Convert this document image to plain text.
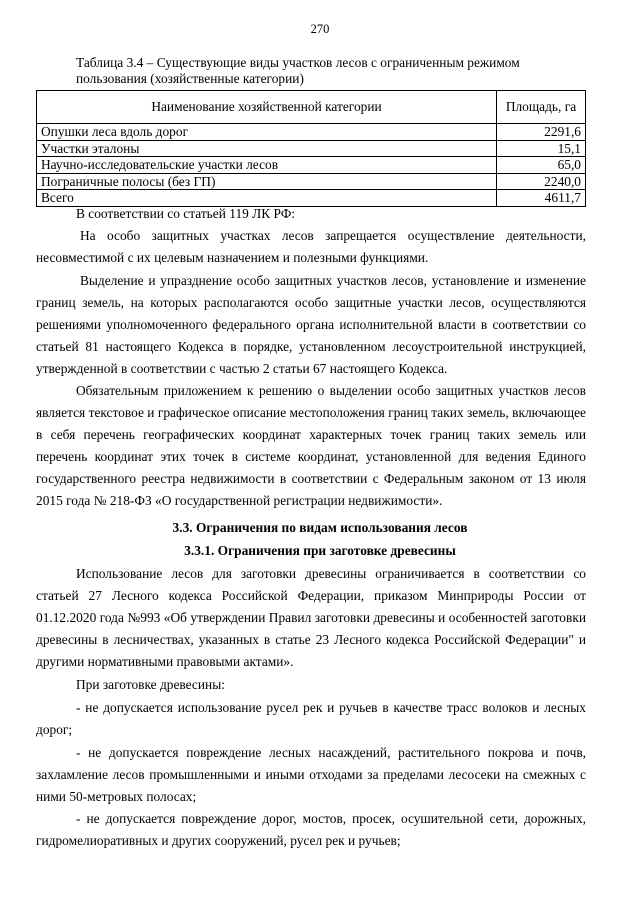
270
Таблица 3.4 – Существующие виды участков лесов с ограниченным режимом пользования (хозяйственные категории)
Наименование хозяйственной категории	Площадь, га
Опушки леса вдоль дорог	2291,6
Участки эталоны	15,1
Научно-исследовательские участки лесов	65,0
Пограничные полосы (без ГП)	2240,0
Всего	4611,7

В соответствии со статьей 119 ЛК РФ:

На особо защитных участках лесов запрещается осуществление деятельности, несовместимой с их целевым назначением и полезными функциями.

Выделение и упразднение особо защитных участков лесов, установление и изменение границ земель, на которых располагаются особо защитные участки лесов, осуществляются решениями уполномоченного федерального органа исполнительной власти в соответствии со статьей 81 настоящего Кодекса в порядке, установленном лесоустроительной инструкцией, утвержденной в соответствии с частью 2 статьи 67 настоящего Кодекса.

Обязательным приложением к решению о выделении особо защитных участков лесов является текстовое и графическое описание местоположения границ таких земель, включающее в себя перечень географических координат характерных точек границ таких земель или перечень координат этих точек в системе координат, установленной для ведения Единого государственного реестра недвижимости в соответствии с Федеральным законом от 13 июля 2015 года № 218-ФЗ «О государственной регистрации недвижимости».

3.3. Ограничения по видам использования лесов
3.3.1. Ограничения при заготовке древесины

Использование лесов для заготовки древесины ограничивается в соответствии со статьей 27 Лесного кодекса Российской Федерации, приказом Минприроды России от 01.12.2020 года №993 «Об утверждении Правил заготовки древесины и особенностей заготовки древесины в лесничествах, указанных в статье 23 Лесного кодекса Российской Федерации" и другими нормативными правовыми актами».

При заготовке древесины:

- не допускается использование русел рек и ручьев в качестве трасс волоков и лесных дорог;

- не допускается повреждение лесных насаждений, растительного покрова и почв, захламление лесов промышленными и иными отходами за пределами лесосеки на смежных с ними 50-метровых полосах;

- не допускается повреждение дорог, мостов, просек, осушительной сети, дорожных, гидромелиоративных и других сооружений, русел рек и ручьев;
